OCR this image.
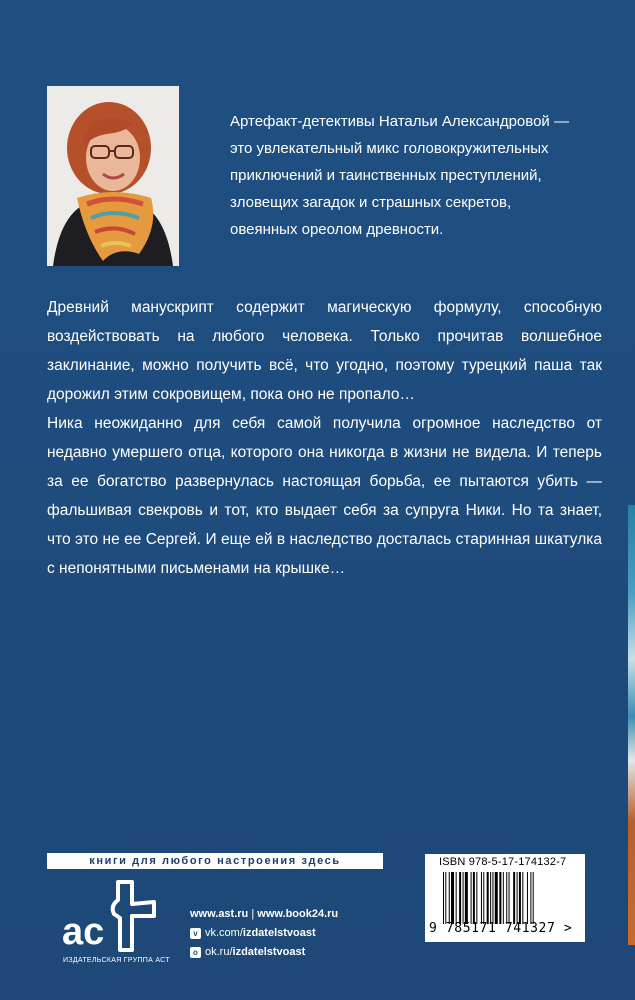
Артефакт-детективы Натальи Александровой —
это увлекательный микс головокружительных
приключений и таинственных преступлений,
зловещих загадок и страшных секретов,
овеянных ореолом древности.

Древний манускрипт содержит магическую формулу, способную воздействовать на любого человека. Только прочитав волшебное заклинание, можно получить всё, что угодно, поэтому турецкий паша так дорожил этим сокровищем, пока оно не пропало…

Ника неожиданно для себя самой получила огромное наследство от недавно умершего отца, которого она никогда в жизни не видела. И теперь за ее богатство развернулась настоящая борьба, ее пытаются убить — фальшивая свекровь и тот, кто выдает себя за супруга Ники. Но та знает, что это не ее Сергей. И еще ей в наследство досталась старинная шкатулка с непонятными письменами на крышке…

книги для любого настроения здесь
ac
ИЗДАТЕЛЬСКАЯ ГРУППА АСТ
www.ast.ru
|
www.book24.ru
v vk.com/ izdatelstvoast
o ok.ru/ izdatelstvoast
ISBN 978-5-17-174132-7
9 785171 741327 >
